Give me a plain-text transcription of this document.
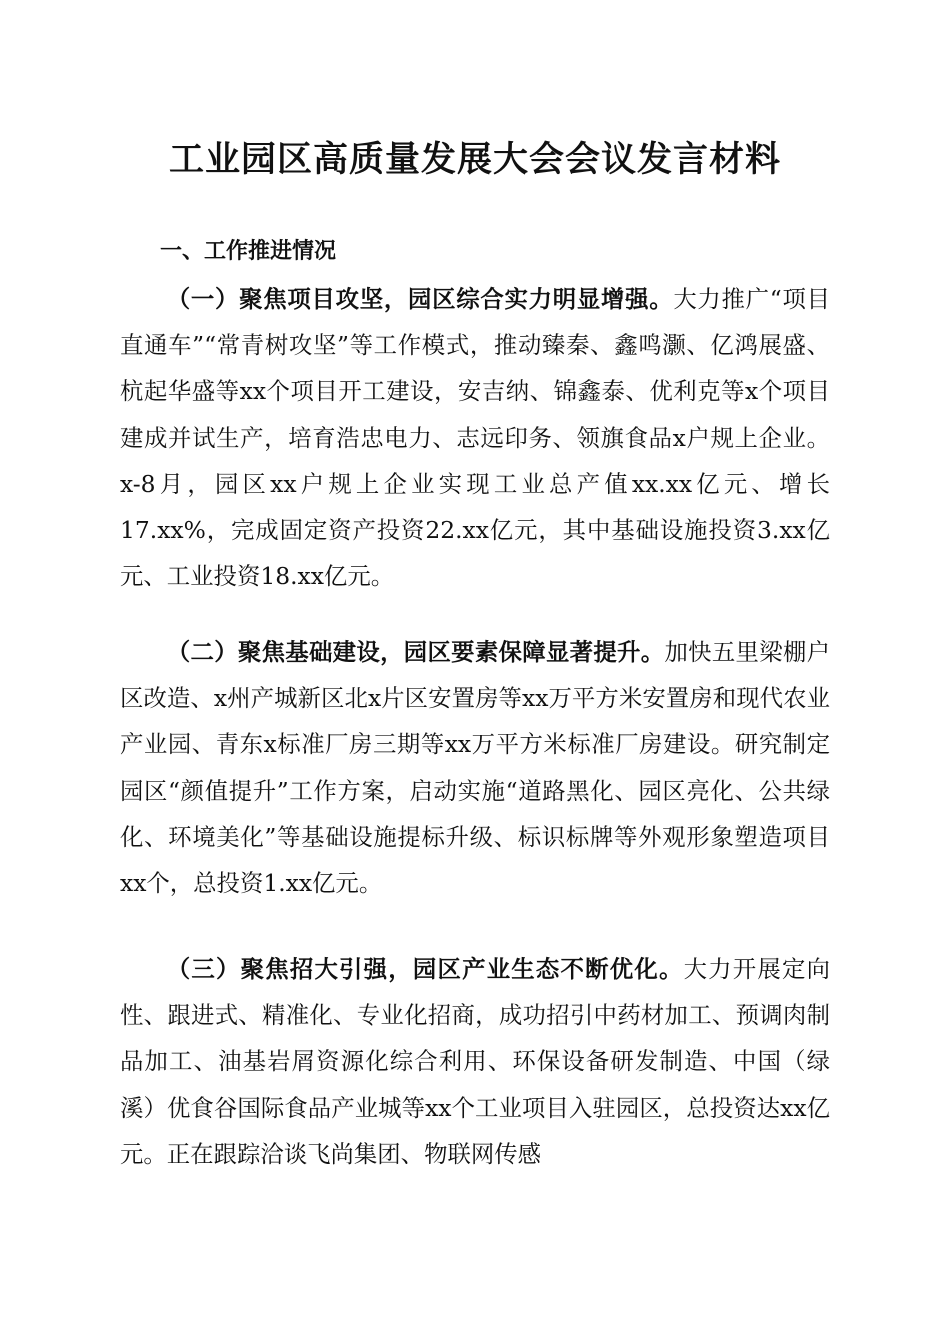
工业园区高质量发展大会会议发言材料
一、工作推进情况

（一）聚焦项目攻坚，园区综合实力明显增强。大力推广“项目直通车”“常青树攻坚”等工作模式，推动臻秦、鑫鸣灏、亿鸿展盛、杭起华盛等xx个项目开工建设，安吉纳、锦鑫泰、优利克等x个项目建成并试生产，培育浩忠电力、志远印务、领旗食品x户规上企业。x-8月，园区xx户规上企业实现工业总产值xx.xx亿元、增长17.xx%，完成固定资产投资22.xx亿元，其中基础设施投资3.xx亿元、工业投资18.xx亿元。

（二）聚焦基础建设，园区要素保障显著提升。加快五里梁棚户区改造、x州产城新区北x片区安置房等xx万平方米安置房和现代农业产业园、青东x标准厂房三期等xx万平方米标准厂房建设。研究制定园区“颜值提升”工作方案，启动实施“道路黑化、园区亮化、公共绿化、环境美化”等基础设施提标升级、标识标牌等外观形象塑造项目xx个，总投资1.xx亿元。

（三）聚焦招大引强，园区产业生态不断优化。大力开展定向性、跟进式、精准化、专业化招商，成功招引中药材加工、预调肉制品加工、油基岩屑资源化综合利用、环保设备研发制造、中国（绿溪）优食谷国际食品产业城等xx个工业项目入驻园区，总投资达xx亿元。正在跟踪洽谈飞尚集团、物联网传感
